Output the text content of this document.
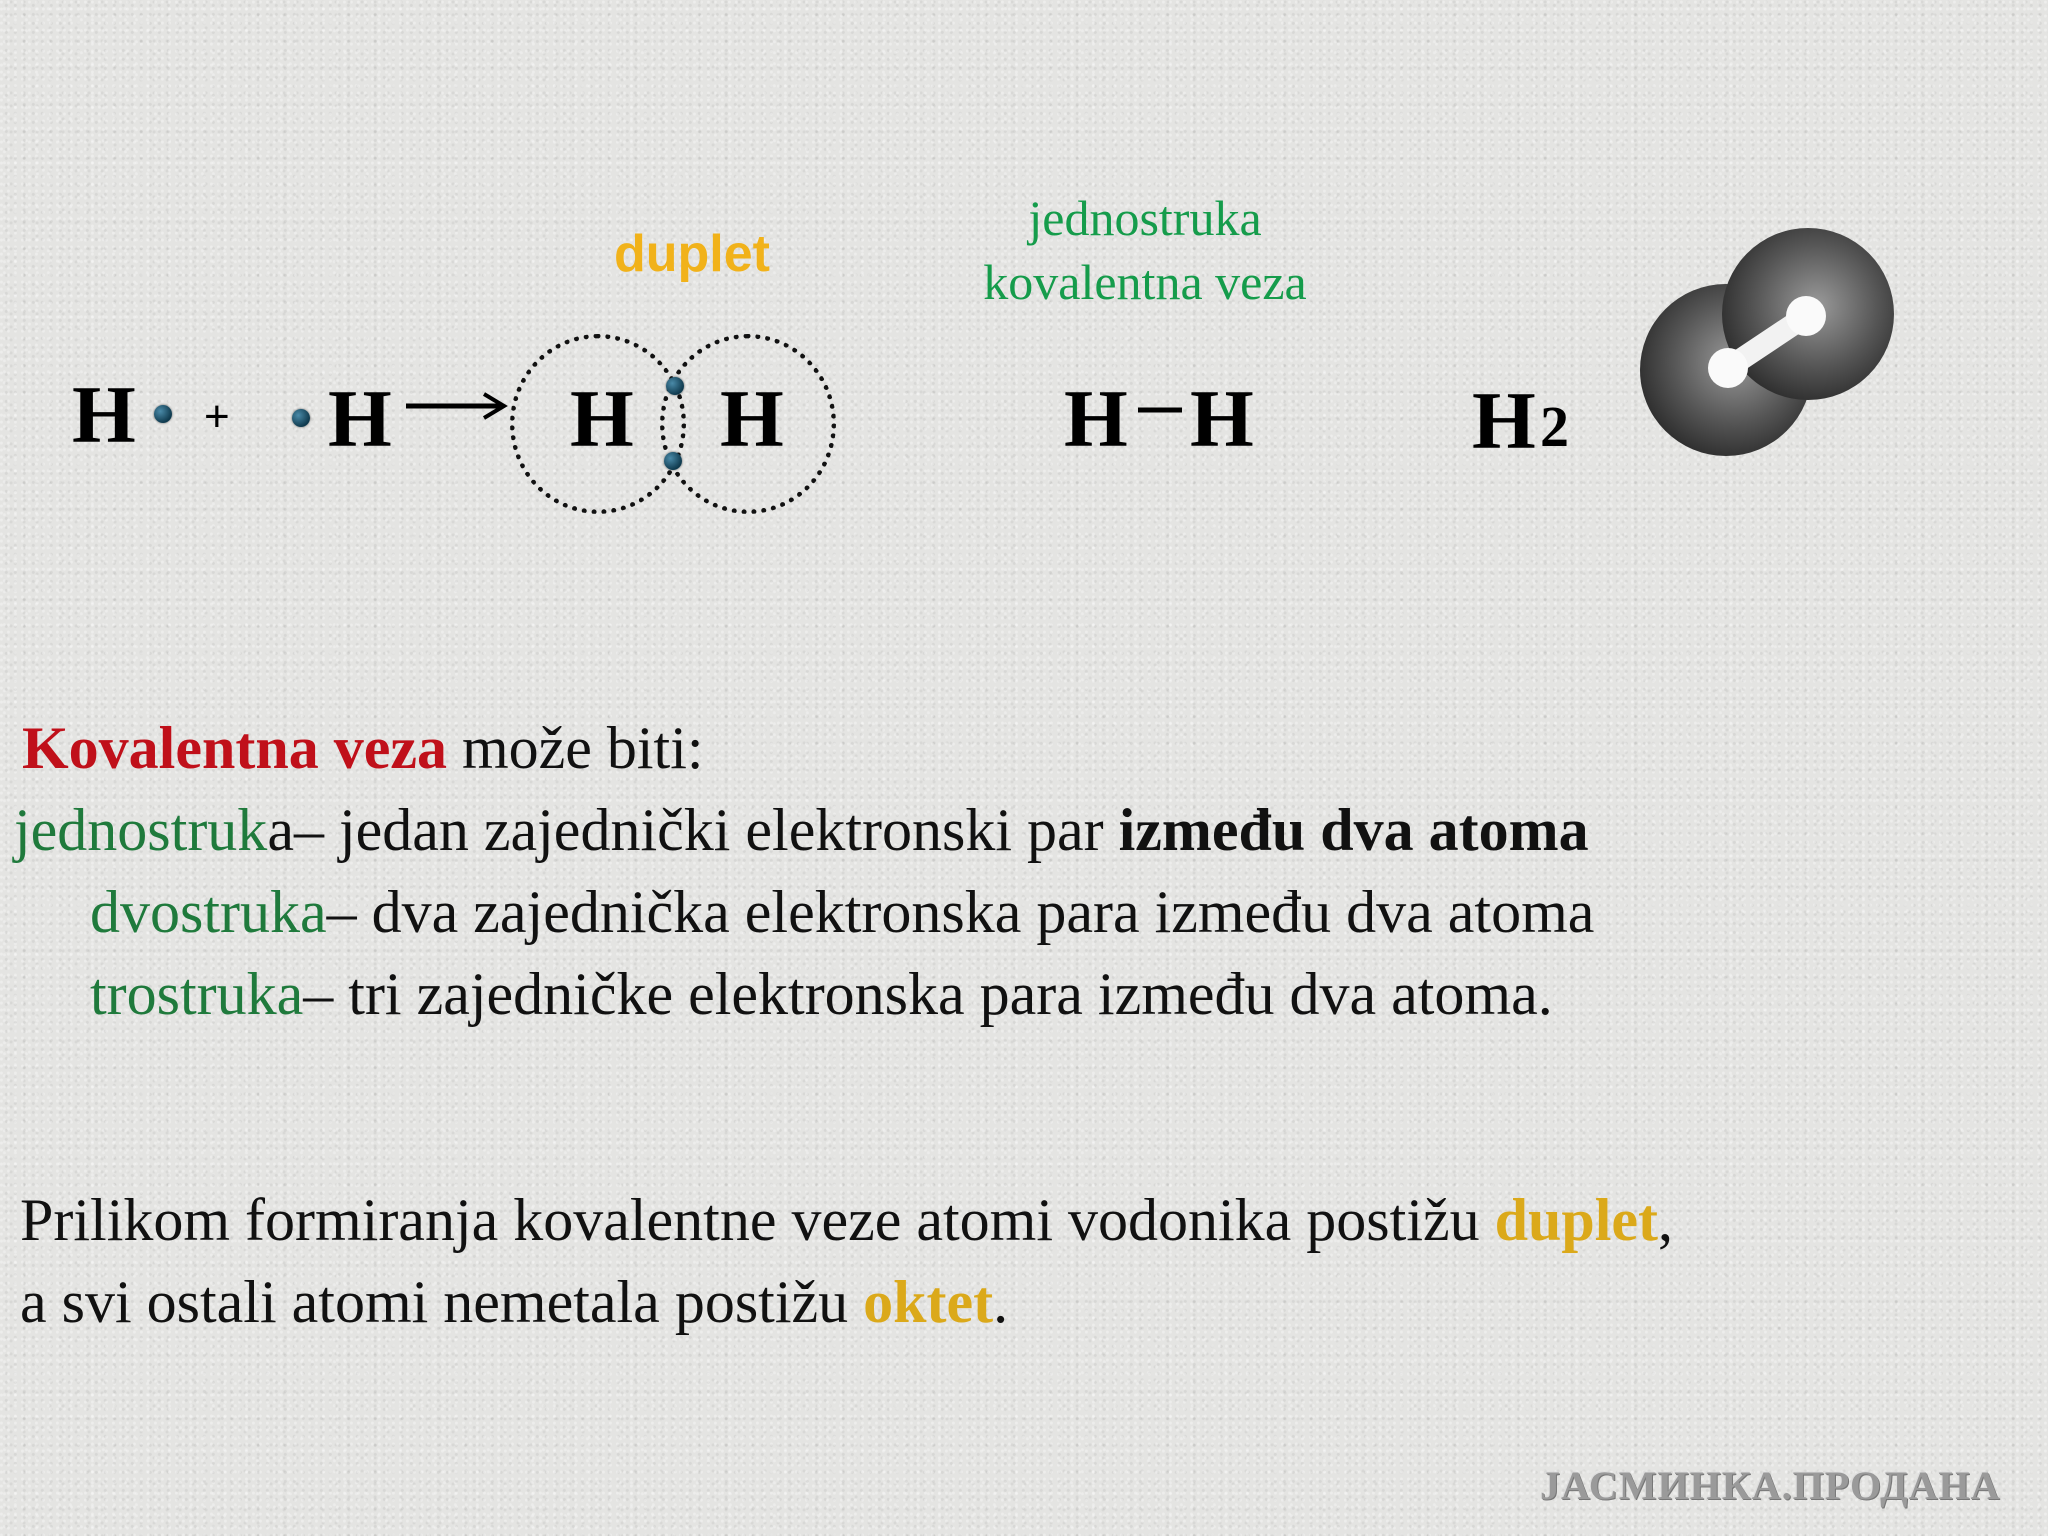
H + H H H
duplet
jednostruka
kovalentna veza
H H	H 2
Kovalentna veza može biti:
jednostruka– jedan zajednički elektronski par između dva atoma
dvostruka– dva zajednička elektronska para između dva atoma
trostruka– tri zajedničke elektronska para između dva atoma.
Prilikom formiranja kovalentne veze atomi vodonika postižu duplet,
a svi ostali atomi nemetala postižu oktet.
ЈАСМИНКА.ПРОДАНА
